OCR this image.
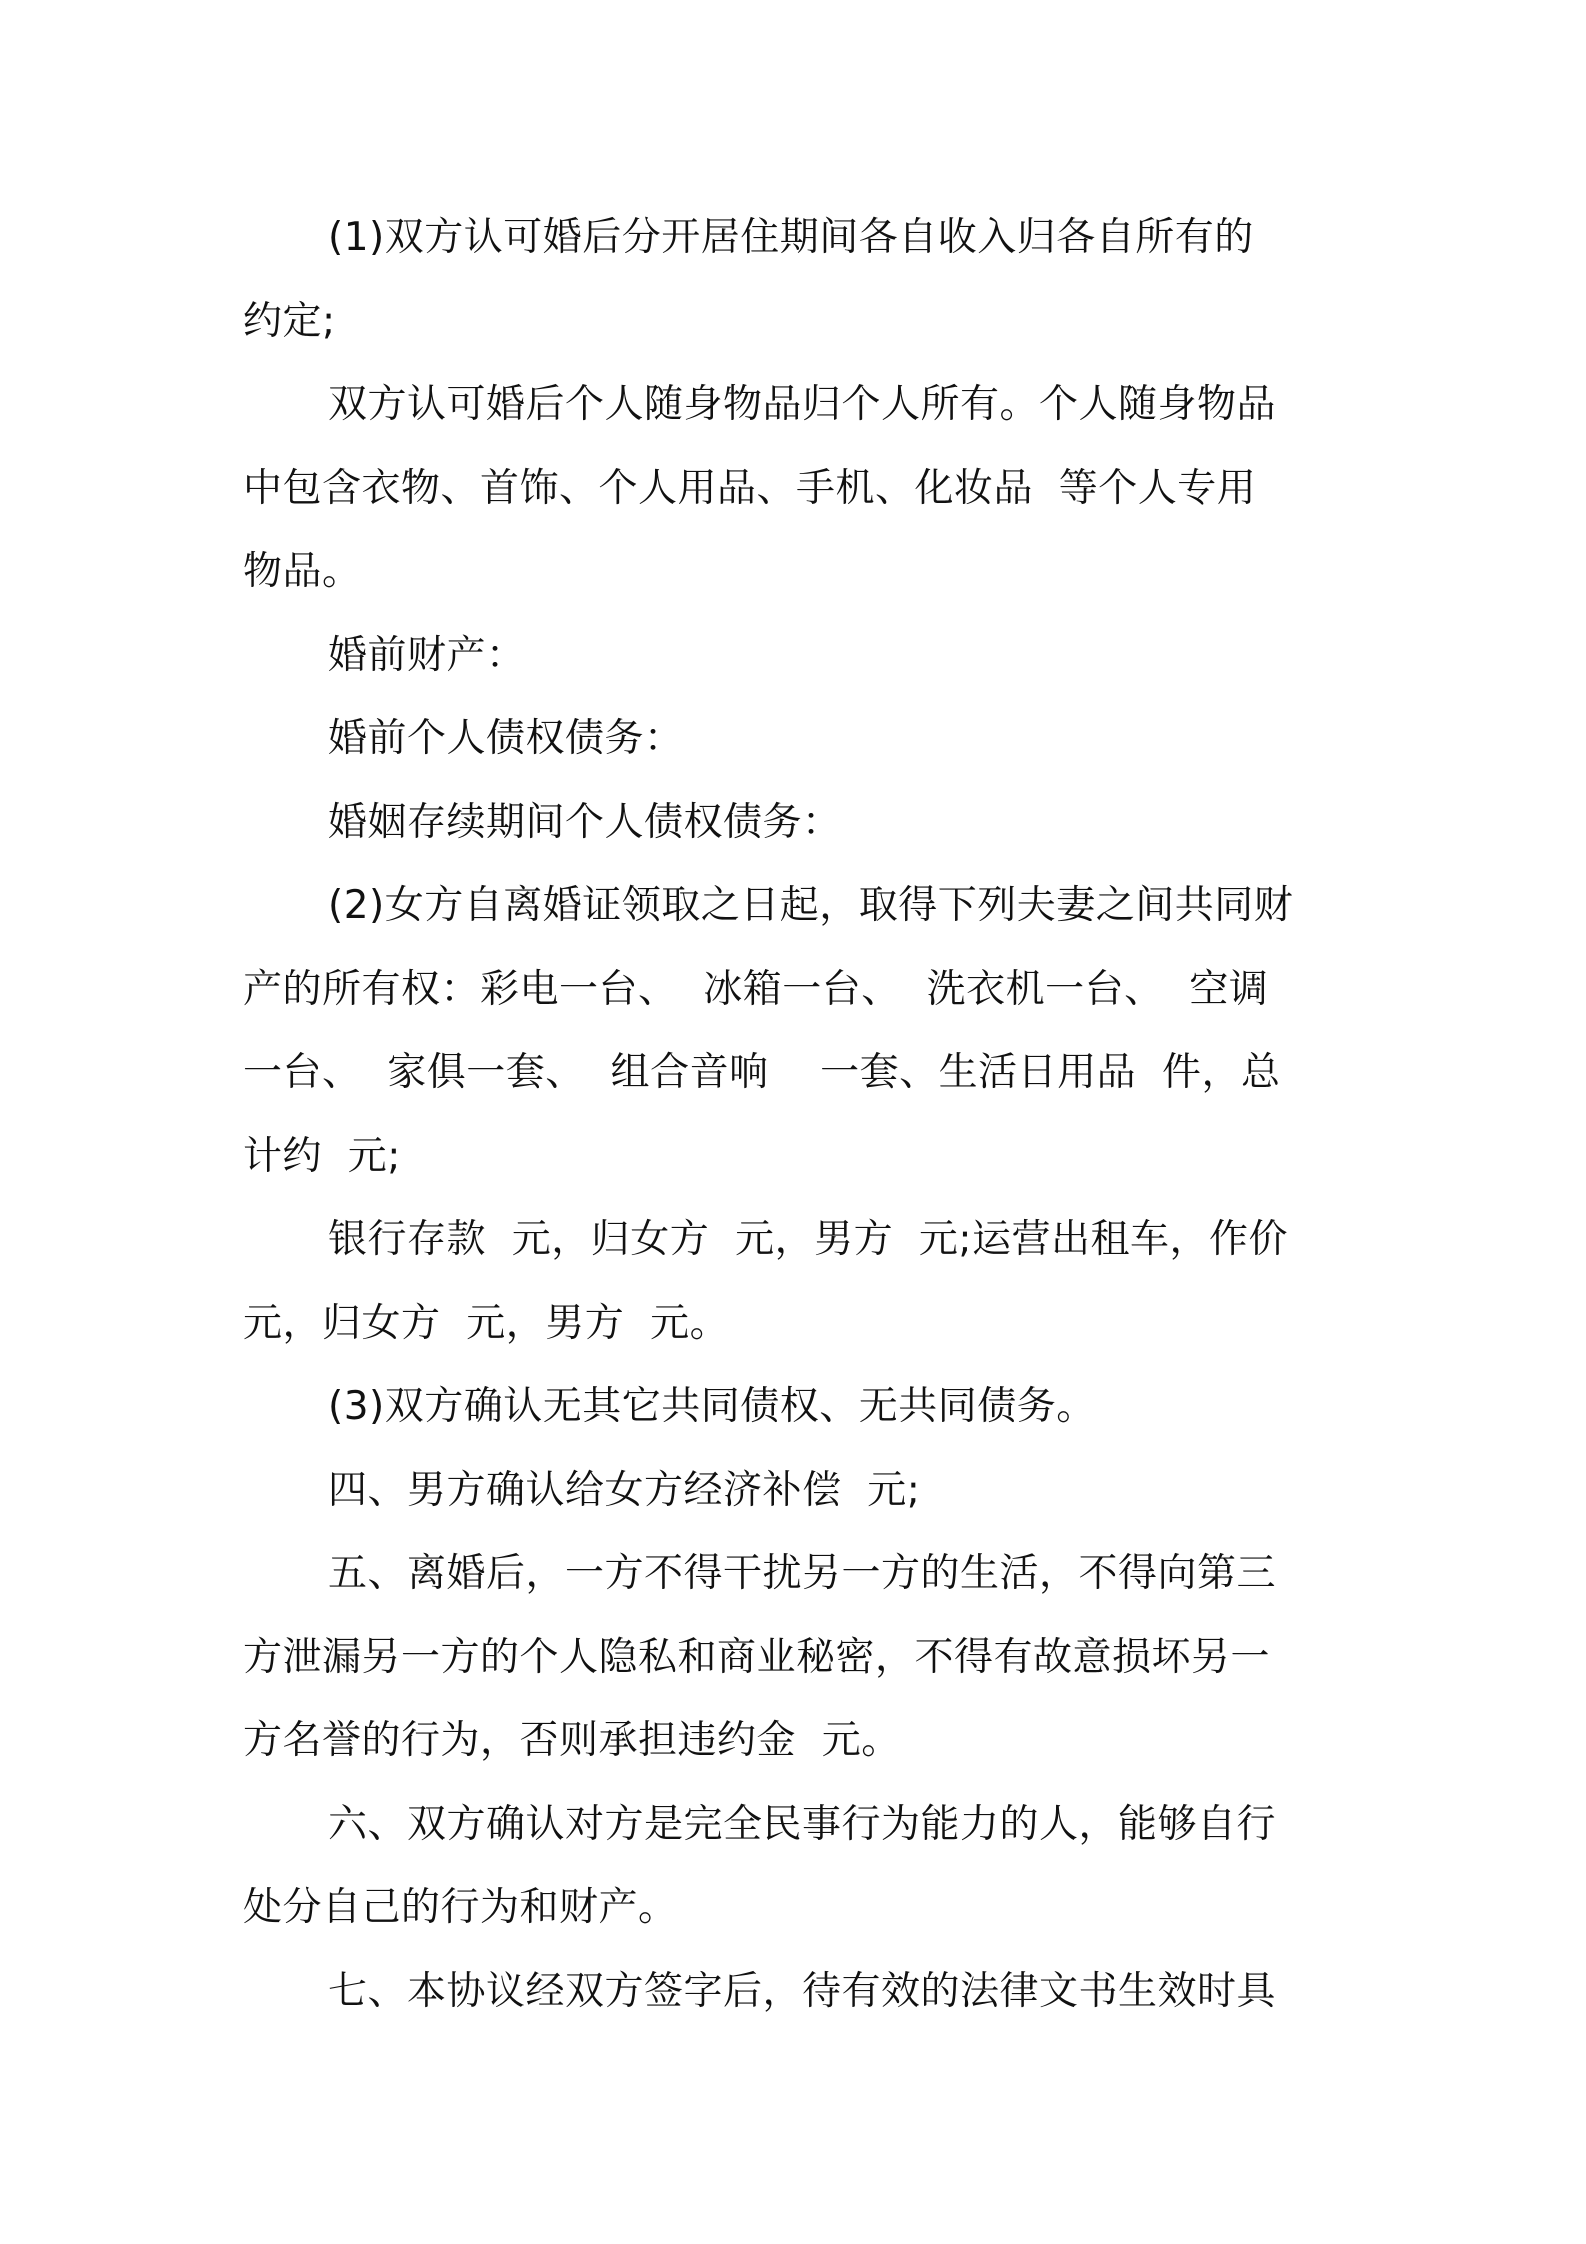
(1)双方认可婚后分开居住期间各自收入归各自所有的
约定;

双方认可婚后个人随身物品归个人所有。个人随身物品
中包含衣物、首饰、个人用品、手机、化妆品  等个人专用
物品。

婚前财产：

婚前个人债权债务：

婚姻存续期间个人债权债务：

(2)女方自离婚证领取之日起，取得下列夫妻之间共同财
产的所有权：彩电一台、  冰箱一台、  洗衣机一台、  空调
一台、  家俱一套、  组合音响    一套、生活日用品  件，总
计约  元;

银行存款  元，归女方  元，男方  元;运营出租车，作价
元，归女方  元，男方  元。

(3)双方确认无其它共同债权、无共同债务。

四、男方确认给女方经济补偿  元;

五、离婚后，一方不得干扰另一方的生活，不得向第三
方泄漏另一方的个人隐私和商业秘密，不得有故意损坏另一
方名誉的行为，否则承担违约金  元。

六、双方确认对方是完全民事行为能力的人，能够自行
处分自己的行为和财产。

七、本协议经双方签字后，待有效的法律文书生效时具
